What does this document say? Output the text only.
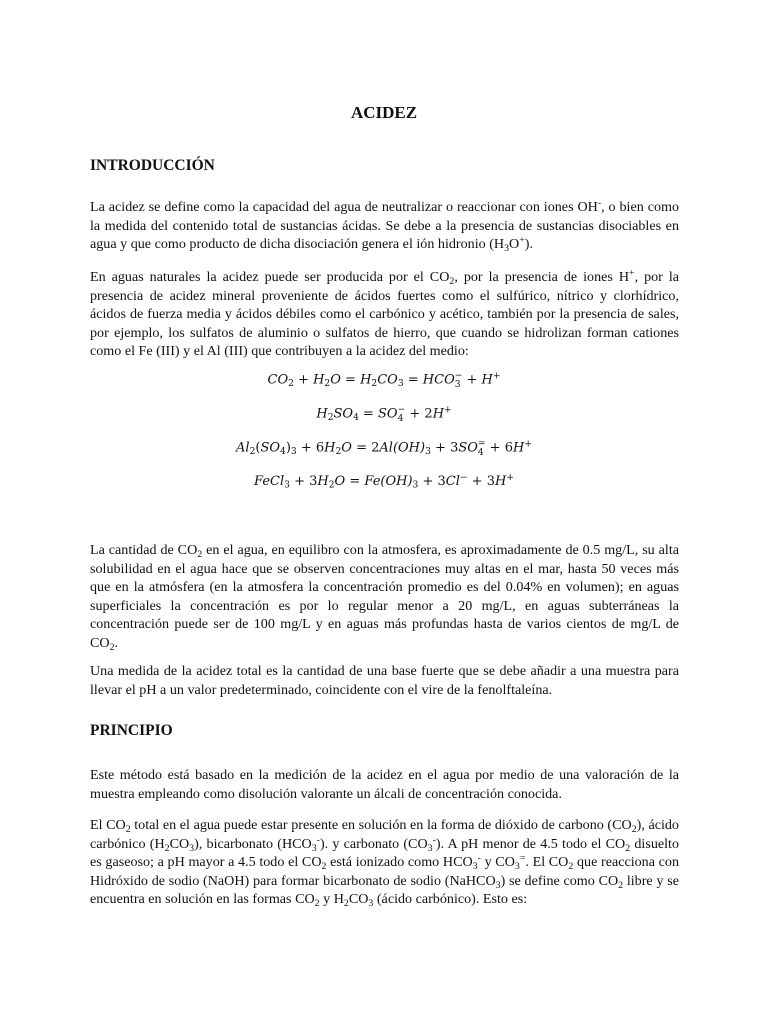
ACIDEZ
INTRODUCCIÓN

La acidez se define como la capacidad del agua de neutralizar o reaccionar con iones OH-, o bien como la medida del contenido total de sustancias ácidas. Se debe a la presencia de sustancias disociables en agua y que como producto de dicha disociación genera el ión hidronio $(H_3O^+)$.

En aguas naturales la acidez puede ser producida por el $CO_2$, por la presencia de iones H+, por la presencia de acidez mineral proveniente de ácidos fuertes como el sulfúrico, nítrico y clorhídrico, ácidos de fuerza media y ácidos débiles como el carbónico y acético, también por la presencia de sales, por ejemplo, los sulfatos de aluminio o sulfatos de hierro, que cuando se hidrolizan forman cationes como el Fe (III) y el Al (III) que contribuyen a la acidez del medio:

$CO_2 + H_2O = H_2CO_3$ = HCO −
3 + H+
$H_2SO_4$ = SO −
4 + 2H+
$Al_2(SO_4)_3 + 6H_2O = 2Al(OH)_3 + 3SO$ =
4 + 6H+
FeCl$_3$ + $3H_2O = Fe(OH)_3 + 3Cl^- + 3H^+$

La cantidad de $CO_2$ en el agua, en equilibro con la atmosfera, es aproximadamente de 0.5 mg/L, su alta solubilidad en el agua hace que se observen concentraciones muy altas en el mar, hasta 50 veces más que en la atmósfera (en la atmosfera la concentración promedio es del 0.04% en volumen); en aguas superficiales la concentración es por lo regular menor a 20 mg/L, en aguas subterráneas la concentración puede ser de 100 mg/L y en aguas más profundas hasta de varios cientos de mg/L de $CO_2$.

Una medida de la acidez total es la cantidad de una base fuerte que se debe añadir a una muestra para llevar el pH a un valor predeterminado, coincidente con el vire de la fenolftaleína.

PRINCIPIO

Este método está basado en la medición de la acidez en el agua por medio de una valoración de la muestra empleando como disolución valorante un álcali de concentración conocida.

El $CO_2$ total en el agua puede estar presente en solución en la forma de dióxido de carbono $(CO_2)$, ácido carbónico $(H_2CO_3)$, bicarbonato $(HCO_3^-)$. y carbonato $(CO_3^-)$. A pH menor de 4.5 todo el $CO_2$ disuelto es gaseoso; a pH mayor a 4.5 todo el $CO_2$ está ionizado como $HCO_3^-$ y $CO_3^=$. El $CO_2$ que reacciona con Hidróxido de sodio (NaOH) para formar bicarbonato de sodio (NaHCO$_3$) se define como $CO_2$ libre y se encuentra en solución en las formas $CO_2$ y $H_2CO_3$ (ácido carbónico). Esto es:
